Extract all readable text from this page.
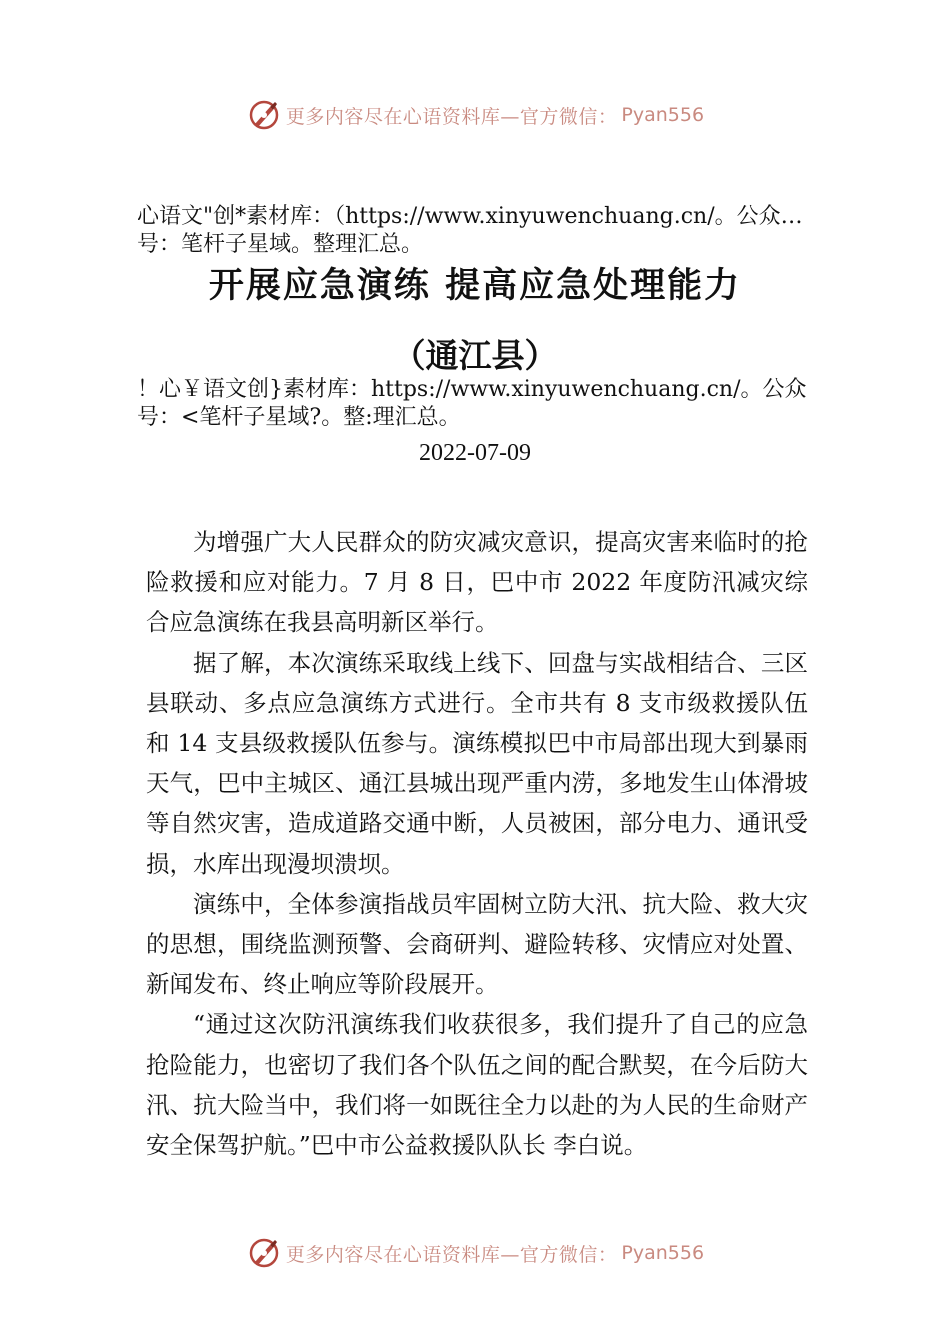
更多内容尽在心语资料库—官方微信： Pyan556
心语文"创*素材库：（https://www.xinyuwenchuang.cn/。公众…号：笔杆子星域。整理汇总。
开展应急演练 提高应急处理能力
（通江县）
！心￥语文创}素材库：https://www.xinyuwenchuang.cn/。公众号：<笔杆子星域?。整:理汇总。
2022-07-09

为增强广大人民群众的防灾减灾意识，提高灾害来临时的抢险救援和应对能力。7 月 8 日，巴中市 2022 年度防汛减灾综合应急演练在我县高明新区举行。

据了解，本次演练采取线上线下、回盘与实战相结合、三区县联动、多点应急演练方式进行。全市共有 8 支市级救援队伍和 14 支县级救援队伍参与。演练模拟巴中市局部出现大到暴雨天气，巴中主城区、通江县城出现严重内涝，多地发生山体滑坡等自然灾害，造成道路交通中断，人员被困，部分电力、通讯受损，水库出现漫坝溃坝。

演练中，全体参演指战员牢固树立防大汛、抗大险、救大灾的思想，围绕监测预警、会商研判、避险转移、灾情应对处置、新闻发布、终止响应等阶段展开。

“通过这次防汛演练我们收获很多，我们提升了自己的应急抢险能力，也密切了我们各个队伍之间的配合默契，在今后防大汛、抗大险当中，我们将一如既往全力以赴的为人民的生命财产安全保驾护航。”巴中市公益救援队队长 李白说。

更多内容尽在心语资料库—官方微信： Pyan556
